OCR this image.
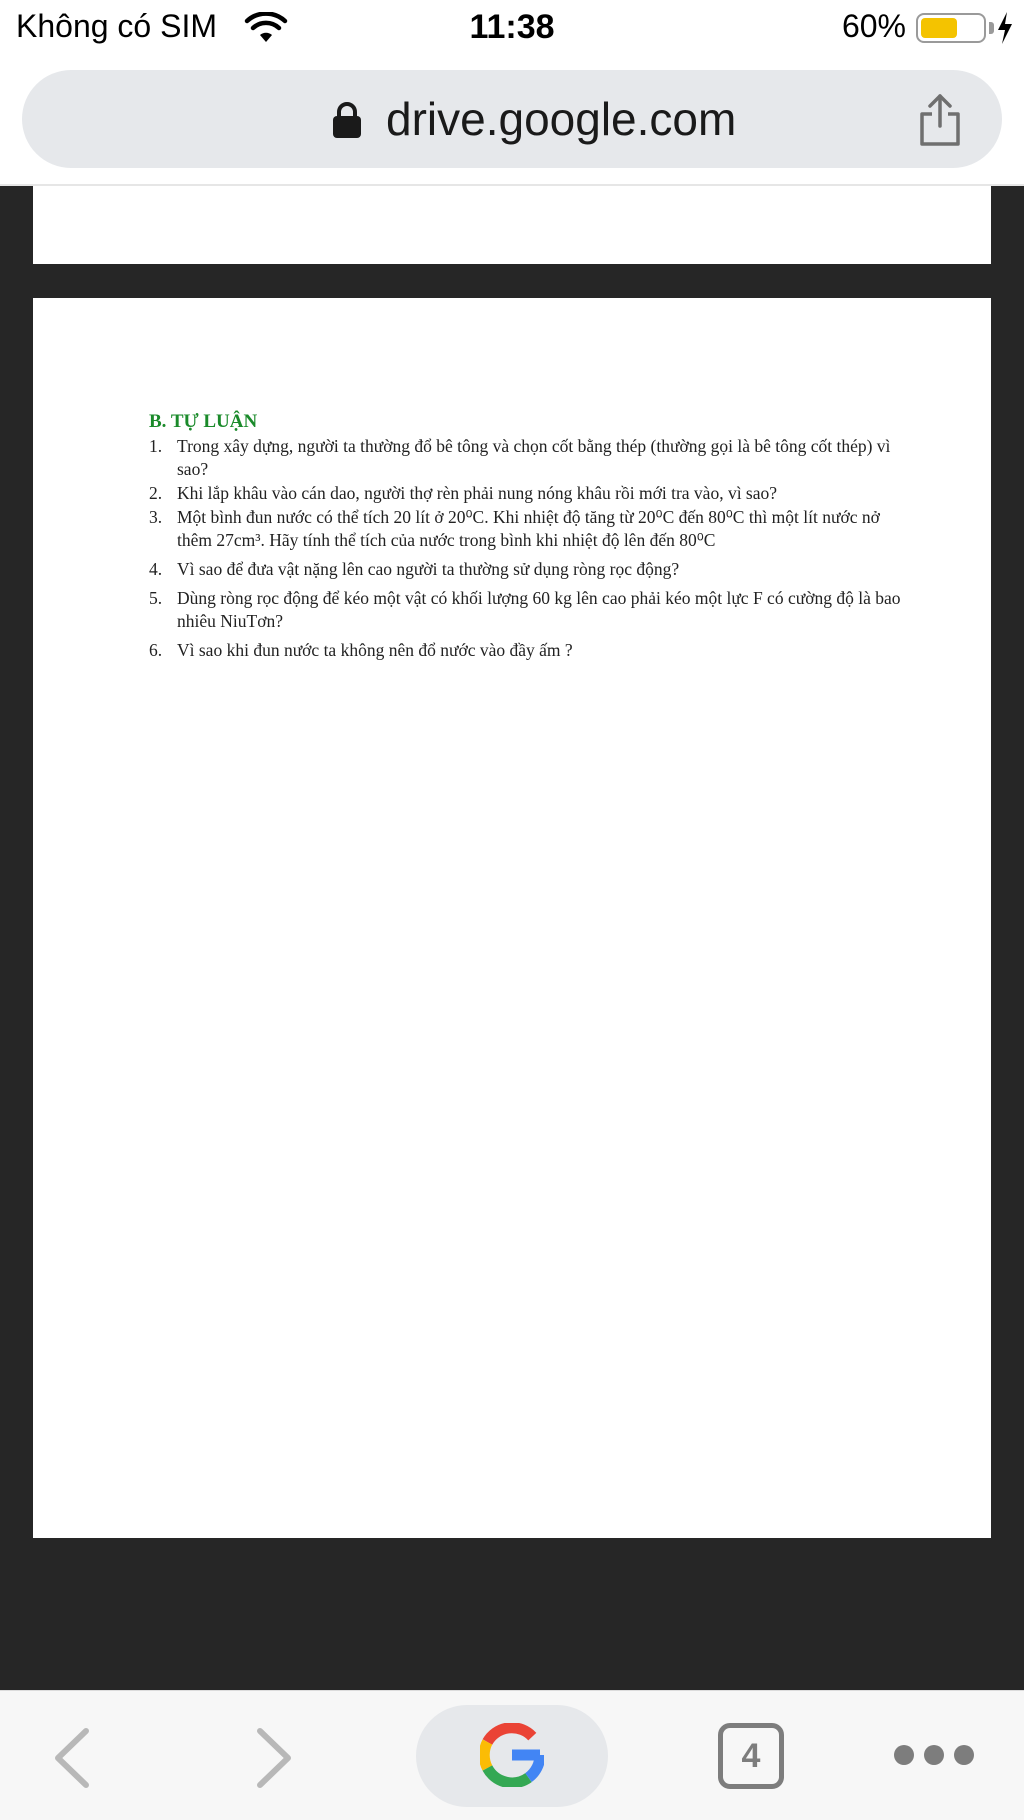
Không có SIM	11:38	60%
drive.google.com
B. TỰ LUẬN
1. Trong xây dựng, người ta thường đổ bê tông và chọn cốt bằng thép (thường gọi là bê tông cốt thép) vì sao?
2. Khi lắp khâu vào cán dao, người thợ rèn phải nung nóng khâu rồi mới tra vào, vì sao?
3. Một bình đun nước có thể tích 20 lít ở 20⁰C. Khi nhiệt độ tăng từ 20⁰C đến 80⁰C thì một lít nước nở thêm 27cm³. Hãy tính thể tích của nước trong bình khi nhiệt độ lên đến 80⁰C
4. Vì sao để đưa vật nặng lên cao người ta thường sử dụng ròng rọc động?
5. Dùng ròng rọc động để kéo một vật có khối lượng 60 kg lên cao phải kéo một lực F có cường độ là bao nhiêu NiuTơn?
6. Vì sao khi đun nước ta không nên đổ nước vào đầy ấm ?
4
